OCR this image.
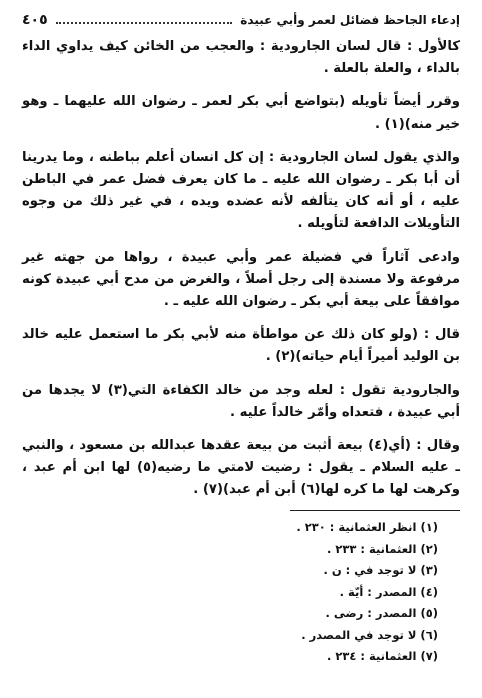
إدعاء الجاحظ فضائل لعمر وأبي عبيدة
٤٠٥

كالأول : قال لسان الجارودية : والعجب من الخائن كيف يداوي الداء بالداء ، والعلة بالعلة .

وقرر أيضاً تأويله (بتواضع أبي بكر لعمر ـ رضوان الله عليهما ـ وهو خير منه)(١) .

والذي يقول لسان الجارودية : إن كل انسان أعلم بباطنه ، وما يدرينا أن أبا بكر ـ رضوان الله عليه ـ ما كان يعرف فضل عمر في الباطن عليه ، أو أنه كان يتألفه لأنه عضده ويده ، في غير ذلك من وجوه التأويلات الدافعة لتأويله .

وادعى آثاراً في فضيلة عمر وأبي عبيدة ، رواها من جهته غير مرفوعة ولا مسندة إلى رجل أصلاً ، والغرض من مدح أبي عبيدة كونه موافقاً على بيعة أبي بكر ـ رضوان الله عليه ـ .

قال : (ولو كان ذلك عن مواطأة منه لأبي بكر ما استعمل عليه خالد بن الوليد أميراً أيام حياته)(٢) .

والجارودية تقول : لعله وجد من خالد الكفاءة التي(٣) لا يجدها من أبي عبيدة ، فتعداه وأمّر خالداً عليه .

وقال : (أي(٤) بيعة أثبت من بيعة عقدها عبدالله بن مسعود ، والنبي ـ عليه السلام ـ يقول : رضيت لامتي ما رضيه(٥) لها ابن أم عبد ، وكرهت لها ما كره لها(٦) أبن أم عبد)(٧) .

(١) انظر العثمانية : ٢٣٠ .
(٢) العثمانية : ٢٣٣ .
(٣) لا توجد في : ن .
(٤) المصدر : أيّة .
(٥) المصدر : رضى .
(٦) لا توجد في المصدر .
(٧) العثمانية : ٢٣٤ .
